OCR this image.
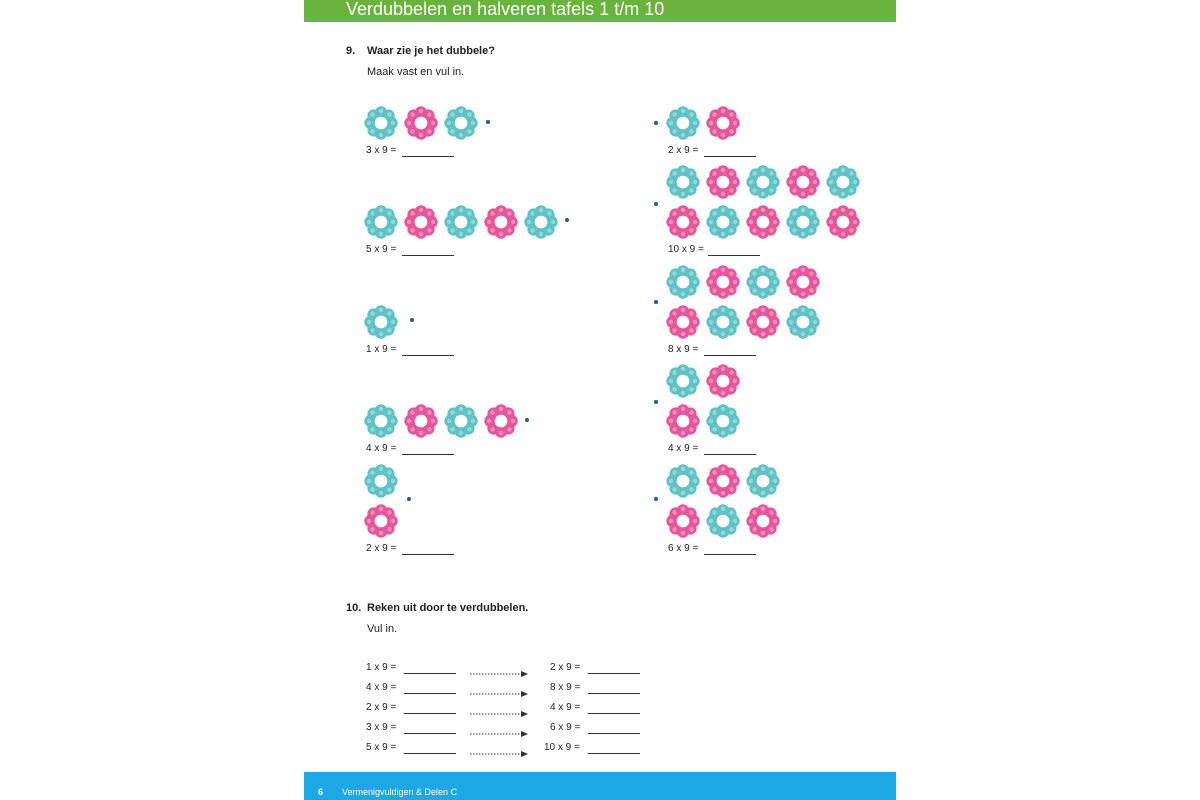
Verdubbelen en halveren tafels 1 t/m 10
9. Waar zie je het dubbele?
Maak vast en vul in.
3 x 9 =
5 x 9 =
1 x 9 =
4 x 9 =
2 x 9 =
2 x 9 =
10 x 9 =
8 x 9 =
4 x 9 =
6 x 9 =
10. Reken uit door te verdubbelen.
Vul in.
1 x 9 =	2 x 9 =
4 x 9 =	8 x 9 =
2 x 9 =	4 x 9 =
3 x 9 =	6 x 9 =
5 x 9 =	10 x 9 =
6 Vermenigvuldigen & Delen C
